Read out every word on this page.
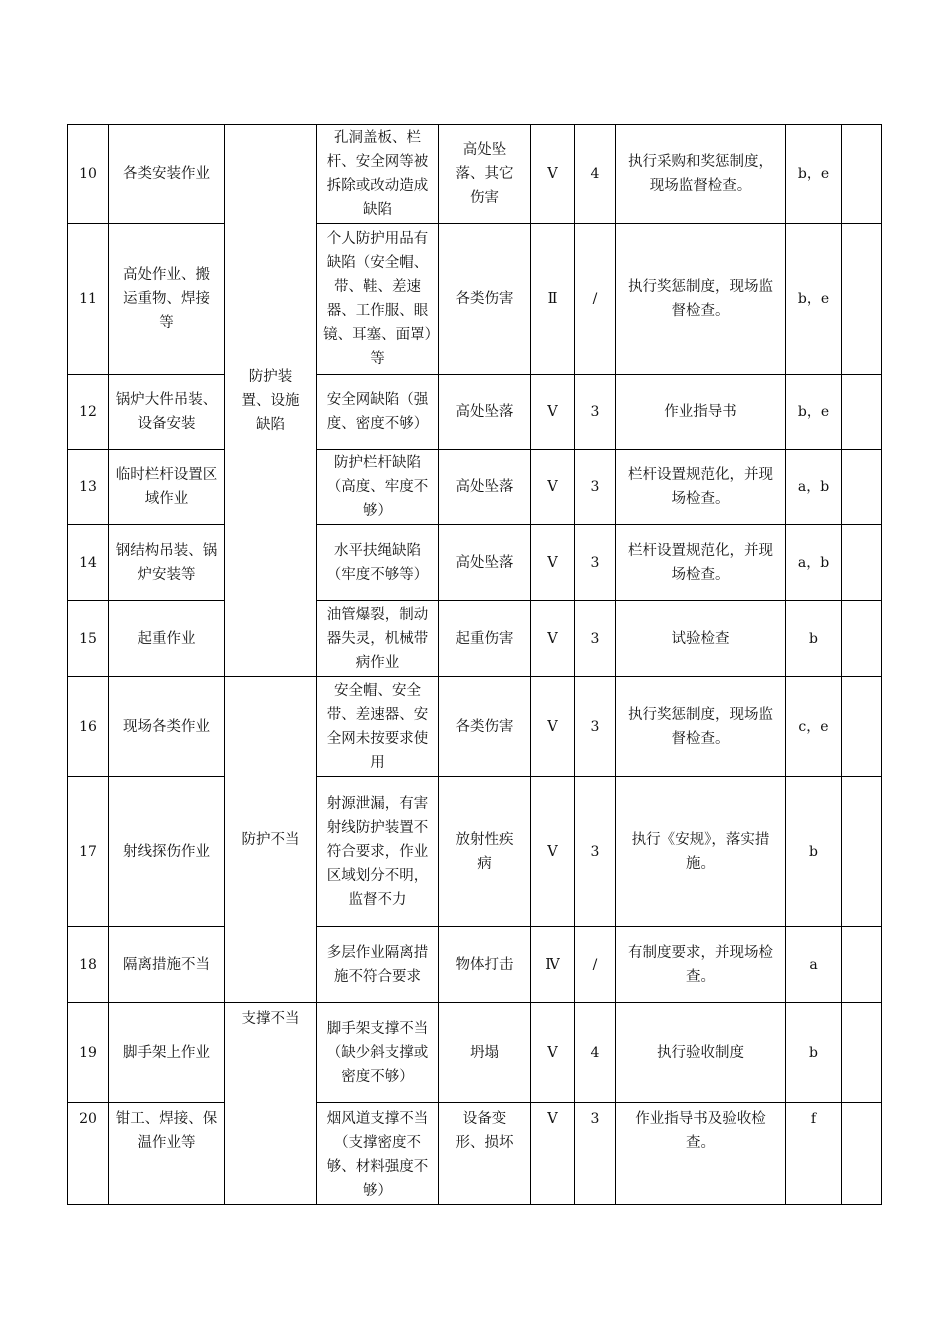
10	各类安装作业	防护装置、设施缺陷	孔洞盖板、栏杆、安全网等被拆除或改动造成缺陷	高处坠落、其它伤害	Ⅴ	4	执行采购和奖惩制度，现场监督检查。	b，e	
11	高处作业、搬运重物、焊接等		个人防护用品有缺陷（安全帽、带、鞋、差速器、工作服、眼镜、耳塞、面罩）等	各类伤害	Ⅱ	/	执行奖惩制度，现场监督检查。	b，e	
12	锅炉大件吊装、设备安装		安全网缺陷（强度、密度不够）	高处坠落	Ⅴ	3	作业指导书	b，e	
13	临时栏杆设置区域作业		防护栏杆缺陷（高度、牢度不够）	高处坠落	Ⅴ	3	栏杆设置规范化，并现场检查。	a，b	
14	钢结构吊装、锅炉安装等		水平扶绳缺陷（牢度不够等）	高处坠落	Ⅴ	3	栏杆设置规范化，并现场检查。	a，b	
15	起重作业		油管爆裂，制动器失灵，机械带病作业	起重伤害	Ⅴ	3	试验检查	b	
16	现场各类作业	防护不当	安全帽、安全带、差速器、安全网未按要求使用	各类伤害	Ⅴ	3	执行奖惩制度，现场监督检查。	c，e	
17	射线探伤作业		射源泄漏，有害射线防护装置不符合要求，作业区域划分不明，监督不力	放射性疾病	Ⅴ	3	执行《安规》，落实措施。	b	
18	隔离措施不当		多层作业隔离措施不符合要求	物体打击	Ⅳ	/	有制度要求，并现场检查。	a	
19	脚手架上作业	支撑不当	脚手架支撑不当（缺少斜支撑或密度不够）	坍塌	Ⅴ	4	执行验收制度	b	
20	钳工、焊接、保温作业等		烟风道支撑不当（支撑密度不够、材料强度不够）	设备变形、损坏	Ⅴ	3	作业指导书及验收检查。	f	
